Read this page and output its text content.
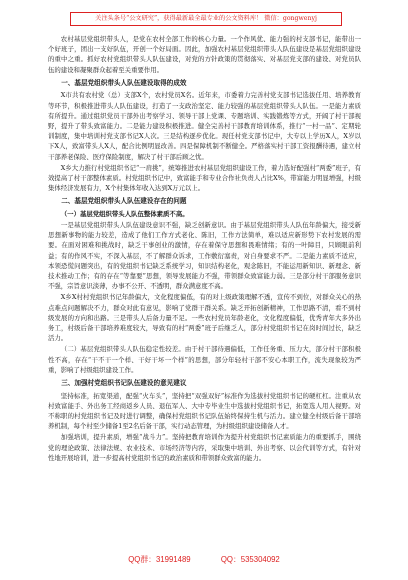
关注头条号“公文研究”，获得最新最全最专业的公文资料库！ 微信：gongwenyj

农村基层党组织带头人，是党在农村全部工作的核心力量。一个作风优、能力强的村支部书记，能带出一个好班子，团出一支好队伍，开创一个好局面。因此，加强农村基层党组织带头人队伍建设是基层党组织建设的重中之重。抓好农村党组织带头人队伍建设，对党的方针政策的贯彻落实、对基层党支部的建设、对党员队伍的建设和凝聚群众起着至关重要作用。

一、基层党组织带头人队伍建设取得的成效

X市共有农村党（总）支部X个，农村党员X名。近年来，市委着力完善村党支部书记选拔任用、培养教育等环节，积极推进带头人队伍建设，打造了一支政治坚定、能力较强的基层党组织带头人队伍。一是能力素质有所提升。通过组织党员干部外出考察学习、领导干部上党课、专题培训、实践锻炼等方式，开阔了村干部视野，提升了带头致富能力。二是能力建设积极推进。健全完善村干部教育培训体系，推行“一村一品”、定期轮训制度，集中培训村党支部书记X人次。三是结构逐步优化。现任村党支部书记中，大专以上学历X人，X岁以下X人，致富带头人X人，配合比例明显改善。四是保障机制不断健全。严格落实村干部工资报酬待遇，建立村干部养老保险、医疗保险制度，解决了村干部后顾之忧。

X乡大力推行村党组织书记“一肩挑”，统筹推进农村基层党组织建设工作，着力选好配强村“两委”班子，有效提高了村干部整体素质。村党组织书记中，致富能手和专业合作社负责人占比X%，带富能力明显增强，村级集体经济发展有力，X个村集体年收入达到X万元以上。

二、基层党组织带头人队伍建设存在的问题

（一）基层党组织带头人队伍整体素质不高。

一是基层党组织带头人队伍建设意识不强，缺乏创新意识。由于基层党组织带头人队伍年龄偏大，接受新思想新事物的能力较差，造成了他们工作方式老化、陈旧，工作方法简单，难以适应新形势下农村发展的需要。在面对困难和挑战时，缺乏干事创业的激情，存在着保守思想和畏难情绪；有的一叶障目，只顾眼前利益；有的作风不实，不深入基层，不了解群众诉求，工作敷衍塞责，对自身要求不严。二是能力素质不适应，本领恐慌问题突出，有的党组织书记缺乏系统学习，知识结构老化，观念陈旧，不能运用新知识、新理念、新技术推动工作；有的存在“等靠要”思想，领导发展能力不强，带领群众致富能力弱。三是部分村干部服务意识不强，宗旨意识淡薄，办事不公开、不透明，群众满意度不高。

X乡X村村党组织书记年龄偏大，文化程度偏低，有的对上级政策理解不透，宣传不到位，对群众关心的热点难点问题解决不力，群众对此有意见，影响了党群干群关系。缺乏开拓创新精神，工作思路不清，看不到村级发展的方向和出路。三是带头人后备力量不足。一些农村党员年龄老化，文化程度偏低，优秀青年大多外出务工，村级后备干部培养难度较大，导致有的村“两委”班子后继乏人，部分村党组织书记在岗时间过长，缺乏活力。

（二）基层党组织带头人队伍稳定性较差。由于村干部待遇偏低，工作任务重、压力大，部分村干部积极性不高，存在“干不干一个样、干好干坏一个样”的思想，部分年轻村干部不安心本职工作，流失现象较为严重，影响了村级组织建设工作。

三、加强村党组织书记队伍建设的意见建议

坚持标准，拓宽渠道，配强“火车头”，坚持把“双强双好”标准作为选拔村党组织书记的硬杠杠。注重从农村致富能手、外出务工经商返乡人员、退伍军人、大中专毕业生中选拔村党组织书记，拓宽选人用人视野。对不称职的村党组织书记及时进行调整，确保村党组织书记队伍始终保持生机与活力。建立健全村级后备干部培养机制，每个村至少储备1至2名后备干部，实行动态管理，为村级组织建设储备人才。

加强培训，提升素质，增强“战斗力”。坚持把教育培训作为提升村党组织书记素质能力的重要抓手，围绕党的理论政策、法律法规、农业技术、市场经济等内容，采取集中培训、外出考察、以会代训等方式，有针对性地开展培训，进一步提高村党组织书记的政治素质和带领群众致富的能力。

QQ群：31991489	QQ：535304092
